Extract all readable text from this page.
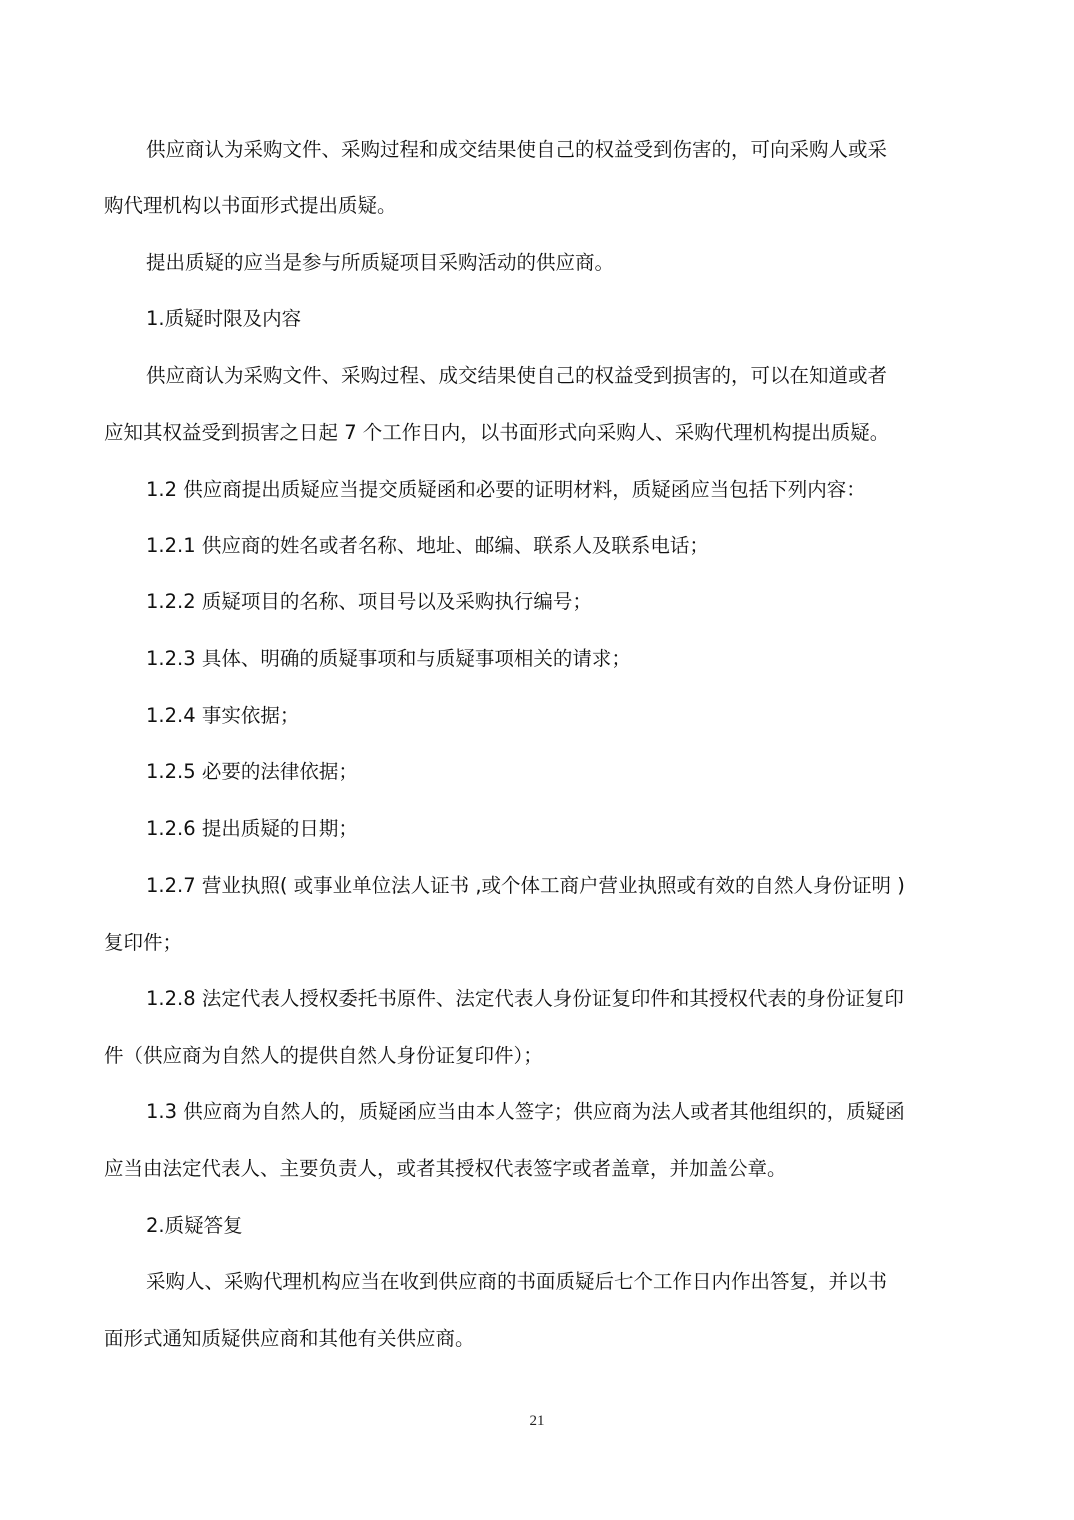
供应商认为采购文件、采购过程和成交结果使自己的权益受到伤害的，可向采购人或采

购代理机构以书面形式提出质疑。

提出质疑的应当是参与所质疑项目采购活动的供应商。

1.质疑时限及内容

供应商认为采购文件、采购过程、成交结果使自己的权益受到损害的，可以在知道或者

应知其权益受到损害之日起 7 个工作日内，以书面形式向采购人、采购代理机构提出质疑。

1.2 供应商提出质疑应当提交质疑函和必要的证明材料，质疑函应当包括下列内容：

1.2.1 供应商的姓名或者名称、地址、邮编、联系人及联系电话；

1.2.2 质疑项目的名称、项目号以及采购执行编号；

1.2.3 具体、明确的质疑事项和与质疑事项相关的请求；

1.2.4 事实依据；

1.2.5 必要的法律依据；

1.2.6 提出质疑的日期；

1.2.7 营业执照( 或事业单位法人证书 ,或个体工商户营业执照或有效的自然人身份证明 )

复印件；

1.2.8 法定代表人授权委托书原件、法定代表人身份证复印件和其授权代表的身份证复印

件（供应商为自然人的提供自然人身份证复印件）；

1.3 供应商为自然人的，质疑函应当由本人签字；供应商为法人或者其他组织的，质疑函

应当由法定代表人、主要负责人，或者其授权代表签字或者盖章，并加盖公章。

2.质疑答复

采购人、采购代理机构应当在收到供应商的书面质疑后七个工作日内作出答复，并以书

面形式通知质疑供应商和其他有关供应商。

21
